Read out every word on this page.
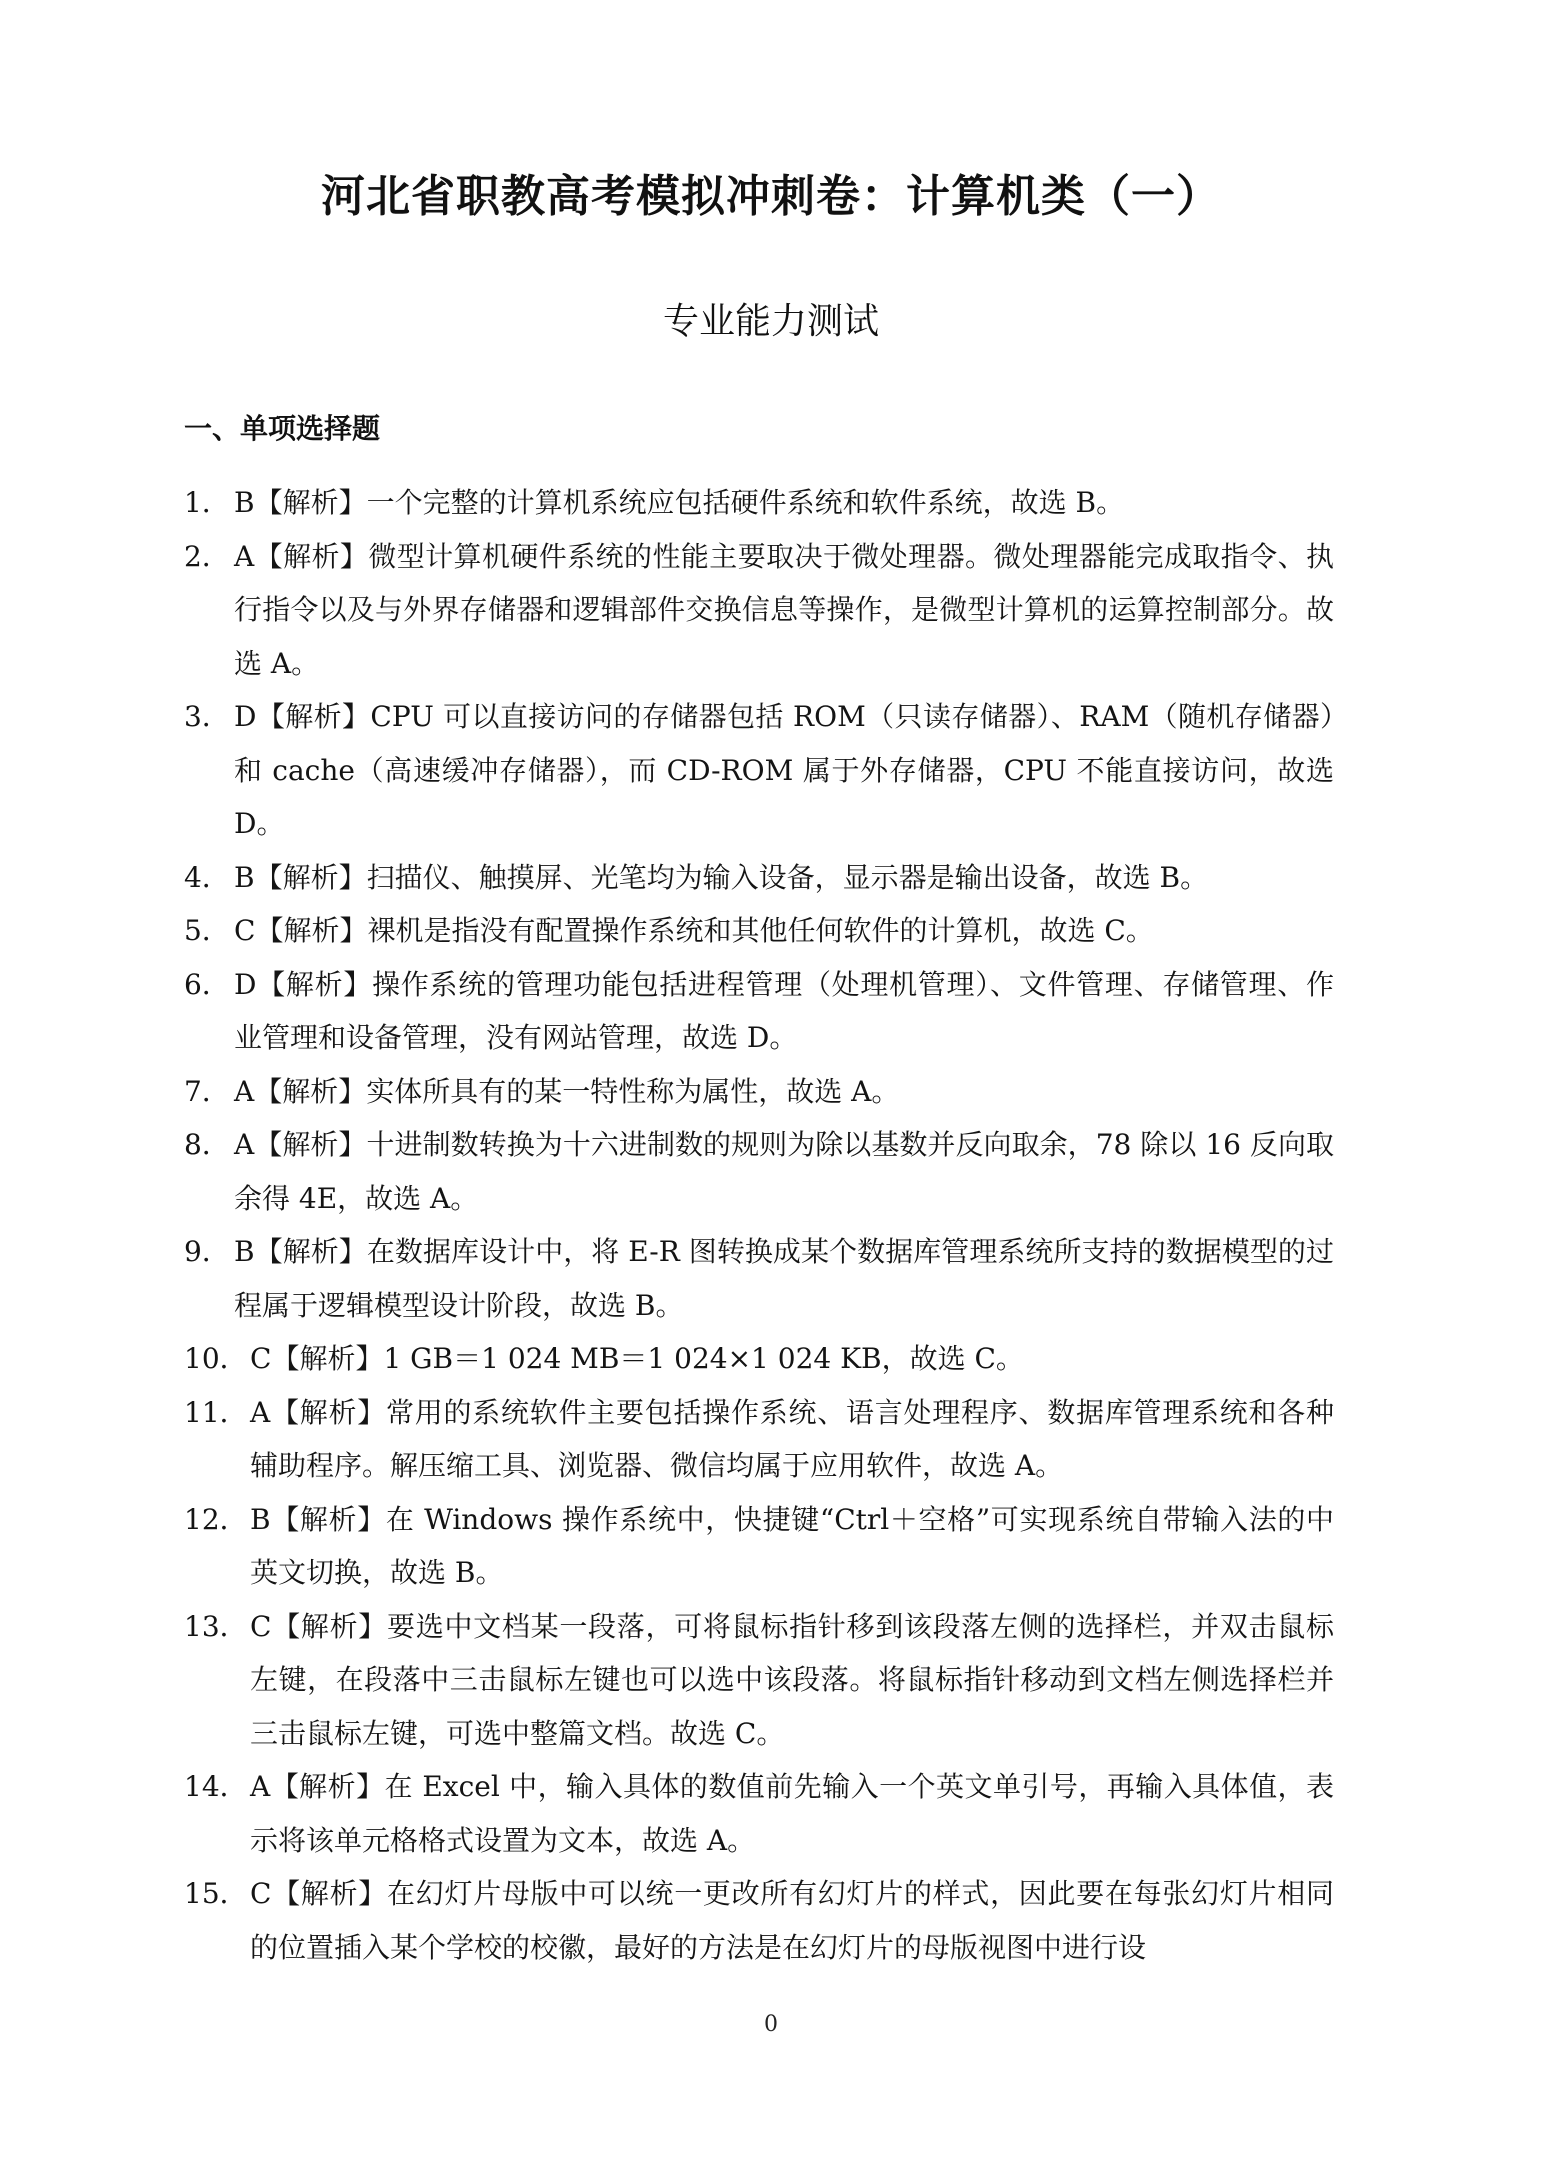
河北省职教高考模拟冲刺卷：计算机类（一）
专业能力测试
一、单项选择题
1． B【解析】一个完整的计算机系统应包括硬件系统和软件系统，故选 B。
2． A【解析】微型计算机硬件系统的性能主要取决于微处理器。微处理器能完成取指令、执行指令以及与外界存储器和逻辑部件交换信息等操作，是微型计算机的运算控制部分。故选 A。
3． D【解析】CPU 可以直接访问的存储器包括 ROM（只读存储器）、RAM（随机存储器）和 cache（高速缓冲存储器），而 CD-ROM 属于外存储器，CPU 不能直接访问，故选 D。
4． B【解析】扫描仪、触摸屏、光笔均为输入设备，显示器是输出设备，故选 B。
5． C【解析】裸机是指没有配置操作系统和其他任何软件的计算机，故选 C。
6． D【解析】操作系统的管理功能包括进程管理（处理机管理）、文件管理、存储管理、作业管理和设备管理，没有网站管理，故选 D。
7． A【解析】实体所具有的某一特性称为属性，故选 A。
8． A【解析】十进制数转换为十六进制数的规则为除以基数并反向取余，78 除以 16 反向取余得 4E，故选 A。
9． B【解析】在数据库设计中，将 E-R 图转换成某个数据库管理系统所支持的数据模型的过程属于逻辑模型设计阶段，故选 B。
10． C【解析】1 GB＝1 024 MB＝1 024×1 024 KB，故选 C。
11． A【解析】常用的系统软件主要包括操作系统、语言处理程序、数据库管理系统和各种辅助程序。解压缩工具、浏览器、微信均属于应用软件，故选 A。
12． B【解析】在 Windows 操作系统中，快捷键“Ctrl＋空格”可实现系统自带输入法的中英文切换，故选 B。
13． C【解析】要选中文档某一段落，可将鼠标指针移到该段落左侧的选择栏，并双击鼠标左键，在段落中三击鼠标左键也可以选中该段落。将鼠标指针移动到文档左侧选择栏并三击鼠标左键，可选中整篇文档。故选 C。
14． A【解析】在 Excel 中，输入具体的数值前先输入一个英文单引号，再输入具体值，表示将该单元格格式设置为文本，故选 A。
15． C【解析】在幻灯片母版中可以统一更改所有幻灯片的样式，因此要在每张幻灯片相同的位置插入某个学校的校徽，最好的方法是在幻灯片的母版视图中进行设
0
